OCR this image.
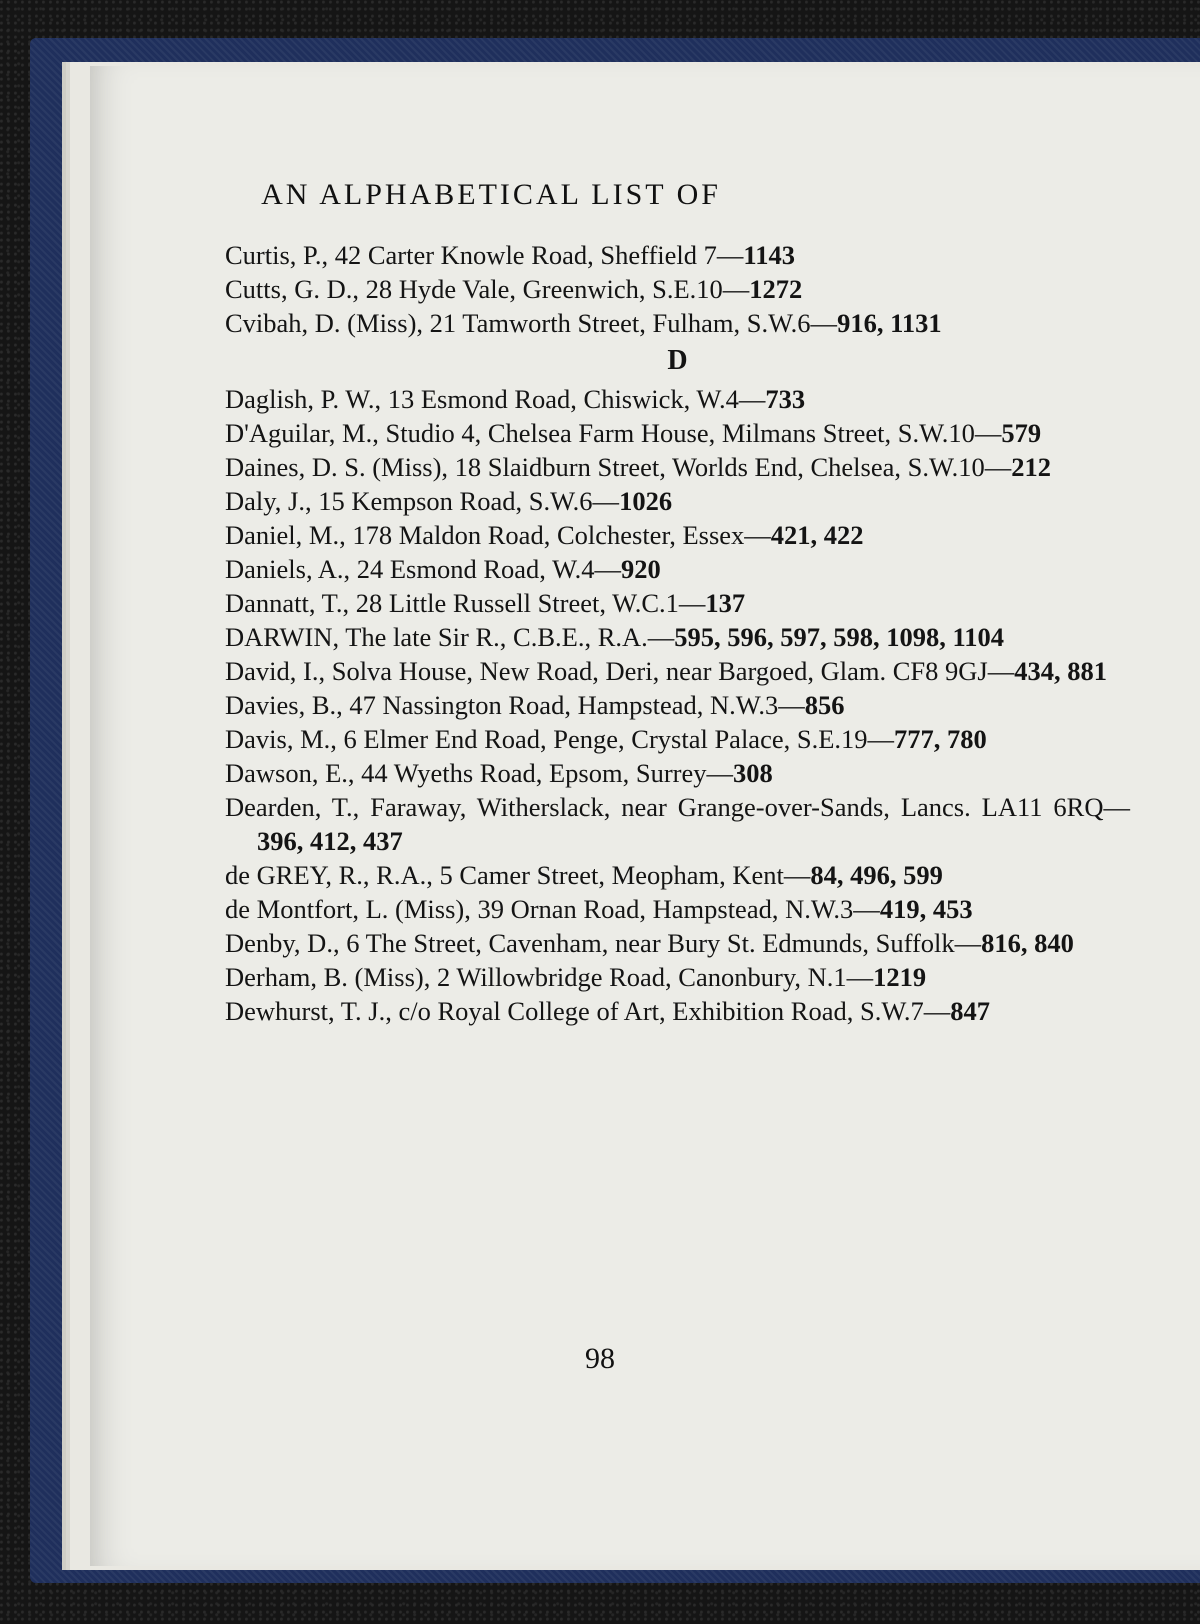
AN ALPHABETICAL LIST OF
Curtis, P., 42 Carter Knowle Road, Sheffield 7—1143
Cutts, G. D., 28 Hyde Vale, Greenwich, S.E.10—1272
Cvibah, D. (Miss), 21 Tamworth Street, Fulham, S.W.6—916, 1131
D
Daglish, P. W., 13 Esmond Road, Chiswick, W.4—733
D'Aguilar, M., Studio 4, Chelsea Farm House, Milmans Street, S.W.10—579
Daines, D. S. (Miss), 18 Slaidburn Street, Worlds End, Chelsea, S.W.10—212
Daly, J., 15 Kempson Road, S.W.6—1026
Daniel, M., 178 Maldon Road, Colchester, Essex—421, 422
Daniels, A., 24 Esmond Road, W.4—920
Dannatt, T., 28 Little Russell Street, W.C.1—137
DARWIN, The late Sir R., C.B.E., R.A.—595, 596, 597, 598, 1098, 1104
David, I., Solva House, New Road, Deri, near Bargoed, Glam. CF8 9GJ—434, 881
Davies, B., 47 Nassington Road, Hampstead, N.W.3—856
Davis, M., 6 Elmer End Road, Penge, Crystal Palace, S.E.19—777, 780
Dawson, E., 44 Wyeths Road, Epsom, Surrey—308
Dearden, T., Faraway, Witherslack, near Grange-over-Sands, Lancs. LA11 6RQ—396, 412, 437
de GREY, R., R.A., 5 Camer Street, Meopham, Kent—84, 496, 599
de Montfort, L. (Miss), 39 Ornan Road, Hampstead, N.W.3—419, 453
Denby, D., 6 The Street, Cavenham, near Bury St. Edmunds, Suffolk—816, 840
Derham, B. (Miss), 2 Willowbridge Road, Canonbury, N.1—1219
Dewhurst, T. J., c/o Royal College of Art, Exhibition Road, S.W.7—847
98
